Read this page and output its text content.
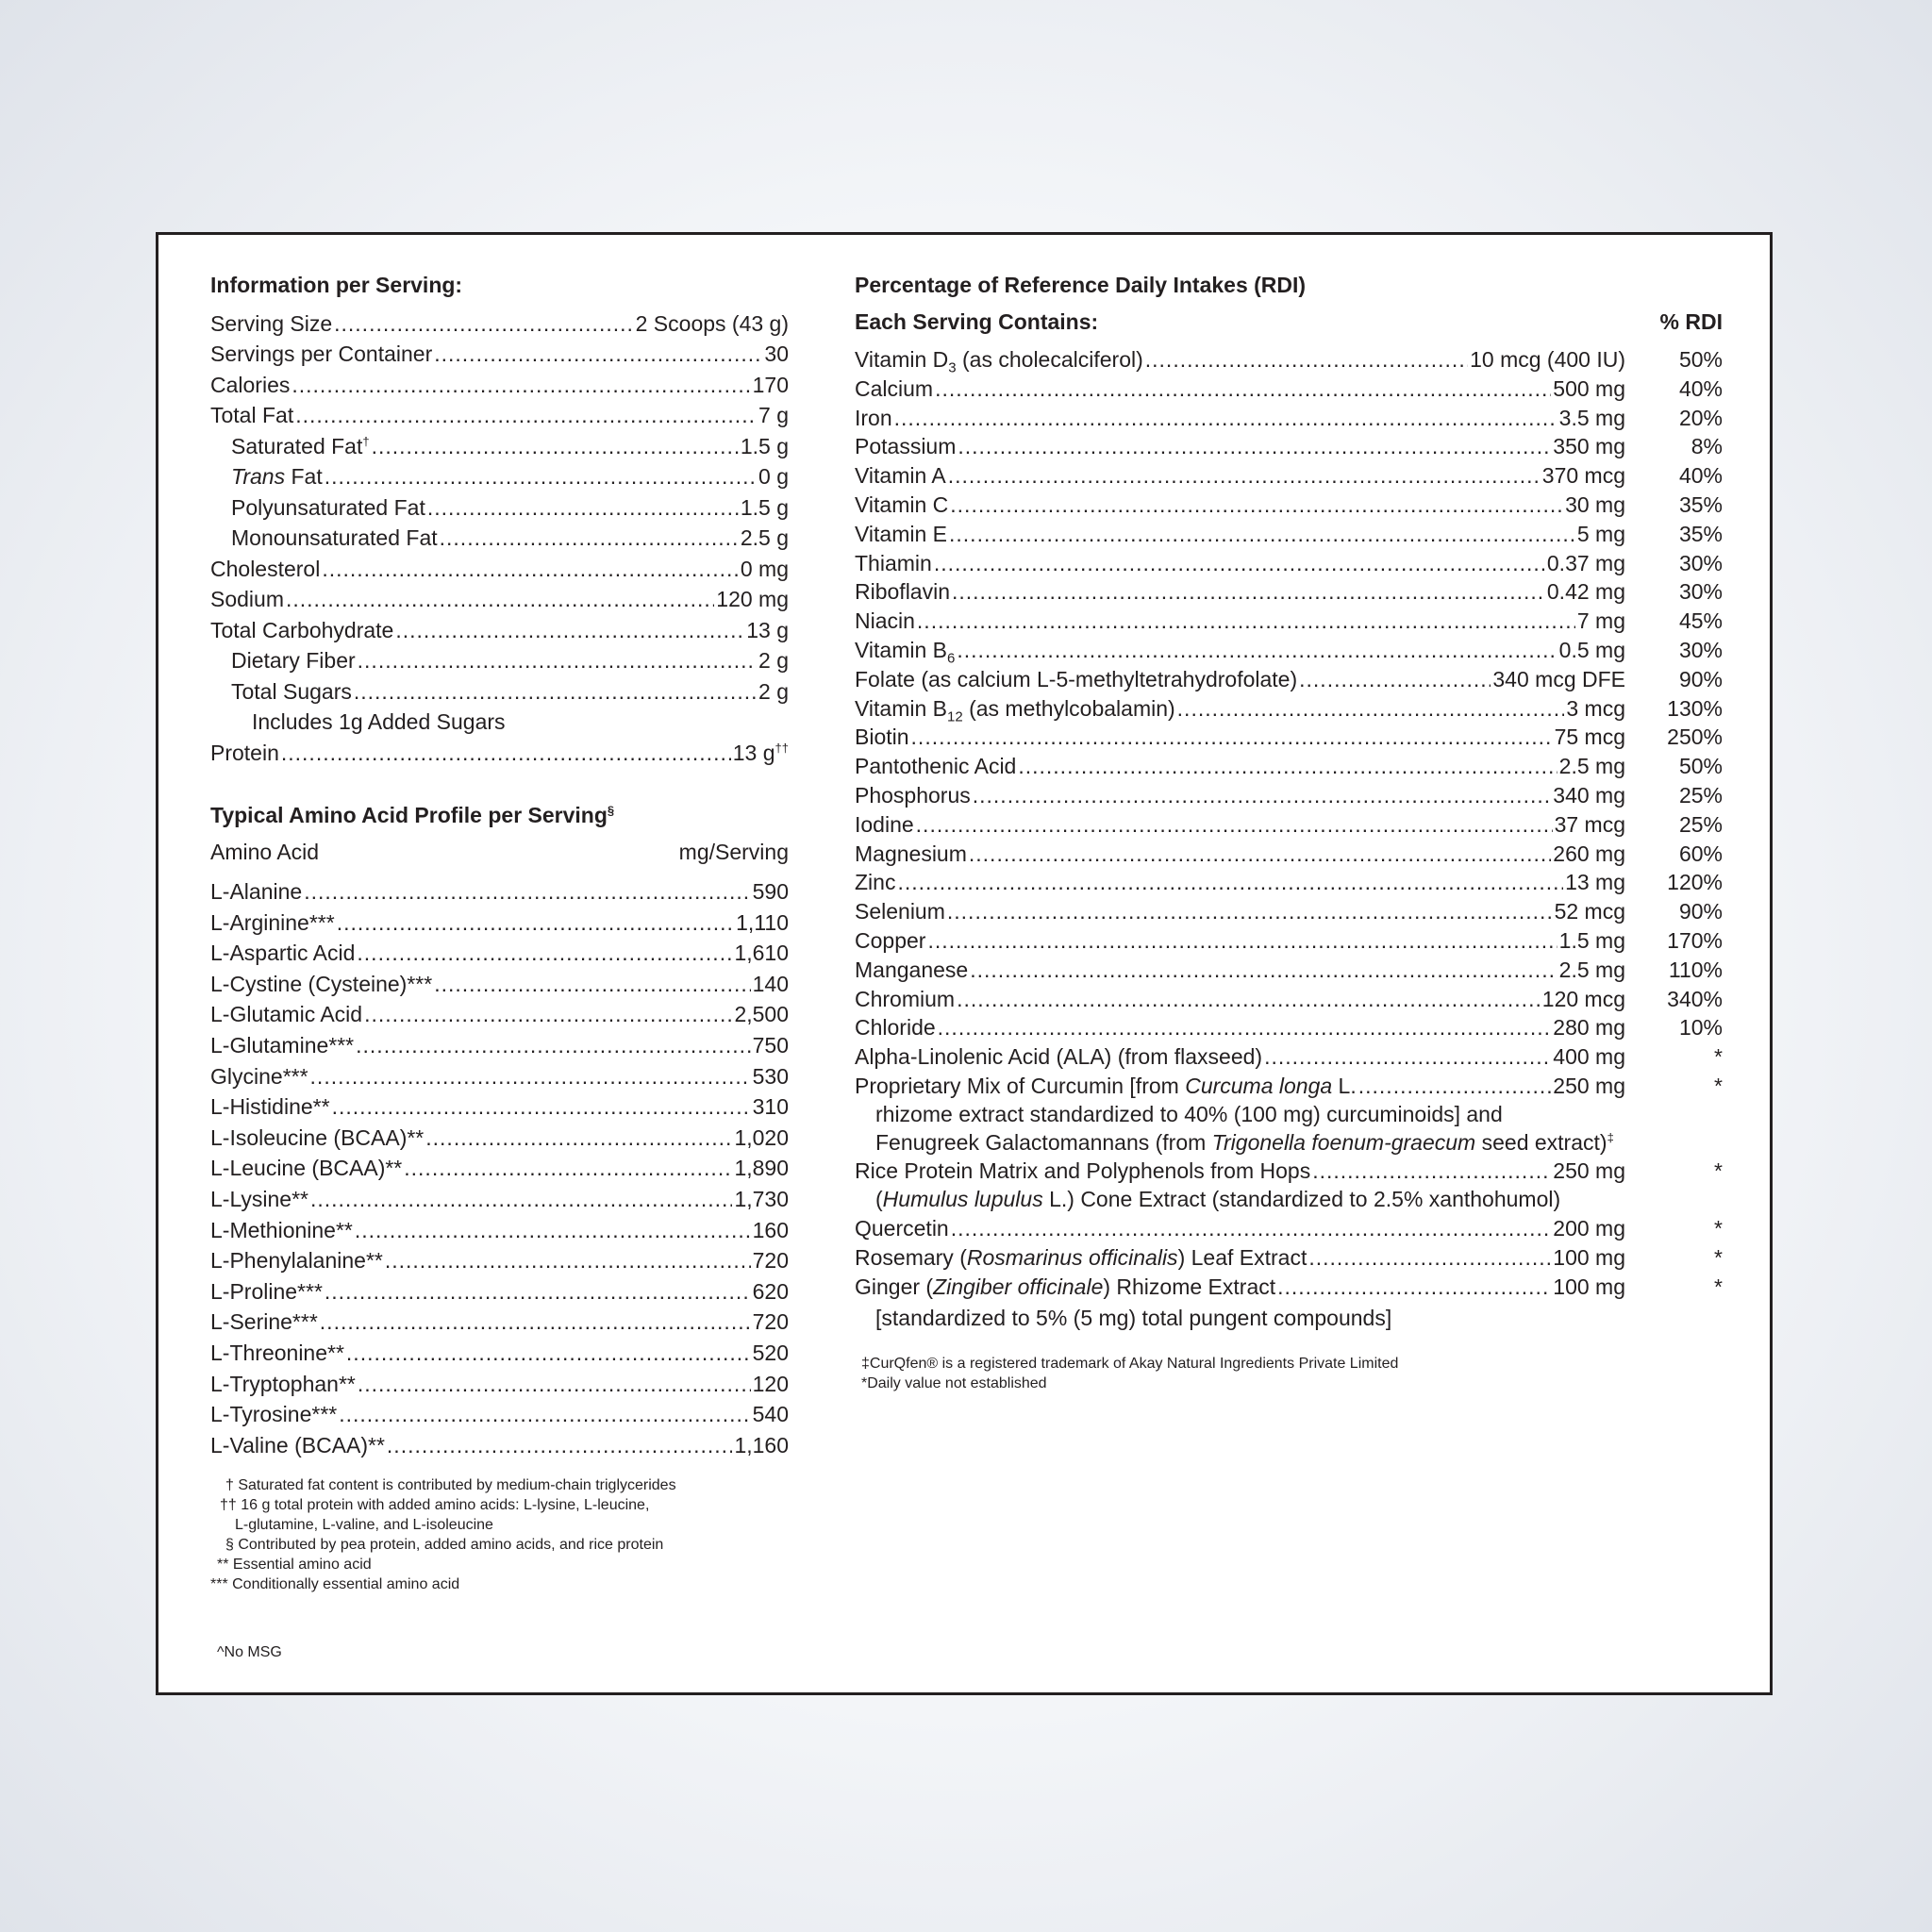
Information per Serving:
Serving Size .....	2 Scoops (43 g)
Servings per Container .....	30
Calories .....	170
Total Fat .....	7 g
Saturated Fat† .....	1.5 g
Trans Fat .....	0 g
Polyunsaturated Fat .....	1.5 g
Monounsaturated Fat .....	2.5 g
Cholesterol .....	0 mg
Sodium .....	120 mg
Total Carbohydrate .....	13 g
Dietary Fiber .....	2 g
Total Sugars .....	2 g
Includes 1g Added Sugars
Protein .....	13 g††
Typical Amino Acid Profile per Serving§
Amino Acid	mg/Serving
L-Alanine .....	590
L-Arginine*** .....	1,110
L-Aspartic Acid .....	1,610
L-Cystine (Cysteine)*** .....	140
L-Glutamic Acid .....	2,500
L-Glutamine*** .....	750
Glycine*** .....	530
L-Histidine** .....	310
L-Isoleucine (BCAA)** .....	1,020
L-Leucine (BCAA)** .....	1,890
L-Lysine** .....	1,730
L-Methionine** .....	160
L-Phenylalanine** .....	720
L-Proline*** .....	620
L-Serine*** .....	720
L-Threonine** .....	520
L-Tryptophan** .....	120
L-Tyrosine*** .....	540
L-Valine (BCAA)** .....	1,160
† Saturated fat content is contributed by medium-chain triglycerides
†† 16 g total protein with added amino acids: L-lysine, L-leucine,
L-glutamine, L-valine, and L-isoleucine
§ Contributed by pea protein, added amino acids, and rice protein
** Essential amino acid
*** Conditionally essential amino acid
^No MSG
Percentage of Reference Daily Intakes (RDI)
Each Serving Contains:	% RDI
Vitamin $D_3$ (as cholecalciferol) .....	10 mcg (400 IU) 50%
Calcium .....	500 mg 40%
Iron .....	3.5 mg 20%
Potassium .....	350 mg	8%
Vitamin A .....	370 mcg 40%
Vitamin C .....	30 mg 35%
Vitamin E .....	5 mg 35%
Thiamin .....	0.37 mg 30%
Riboflavin .....	0.42 mg 30%
Niacin .....	7 mg 45%
Vitamin $B_6$ .....	0.5 mg 30%
Folate (as calcium L-5-methyltetrahydrofolate) .....	340 mcg DFE 90%
Vitamin $B_{12}$ (as methylcobalamin) .....	3 mcg 130%
Biotin .....	75 mcg 250%
Pantothenic Acid .....	2.5 mg 50%
Phosphorus .....	340 mg 25%
Iodine .....	37 mcg 25%
Magnesium .....	260 mg 60%
Zinc .....	13 mg 120%
Selenium .....	52 mcg 90%
Copper .....	1.5 mg 170%
Manganese .....	2.5 mg 110%
Chromium .....	120 mcg 340%
Chloride .....	280 mg 10%
Alpha-Linolenic Acid (ALA) (from flaxseed) .....	400 mg	*
Proprietary Mix of Curcumin [from Curcuma longa L. .....	250 mg	*
rhizome extract standardized to 40% (100 mg) curcuminoids] and
Fenugreek Galactomannans (from Trigonella foenum-graecum seed extract)‡
Rice Protein Matrix and Polyphenols from Hops .....	250 mg	*
(Humulus lupulus L.) Cone Extract (standardized to 2.5% xanthohumol)
Quercetin .....	200 mg	*
Rosemary (Rosmarinus officinalis) Leaf Extract .....	100 mg	*
Ginger (Zingiber officinale) Rhizome Extract .....	100 mg	*
[standardized to 5% (5 mg) total pungent compounds]
‡CurQfen® is a registered trademark of Akay Natural Ingredients Private Limited
*Daily value not established
